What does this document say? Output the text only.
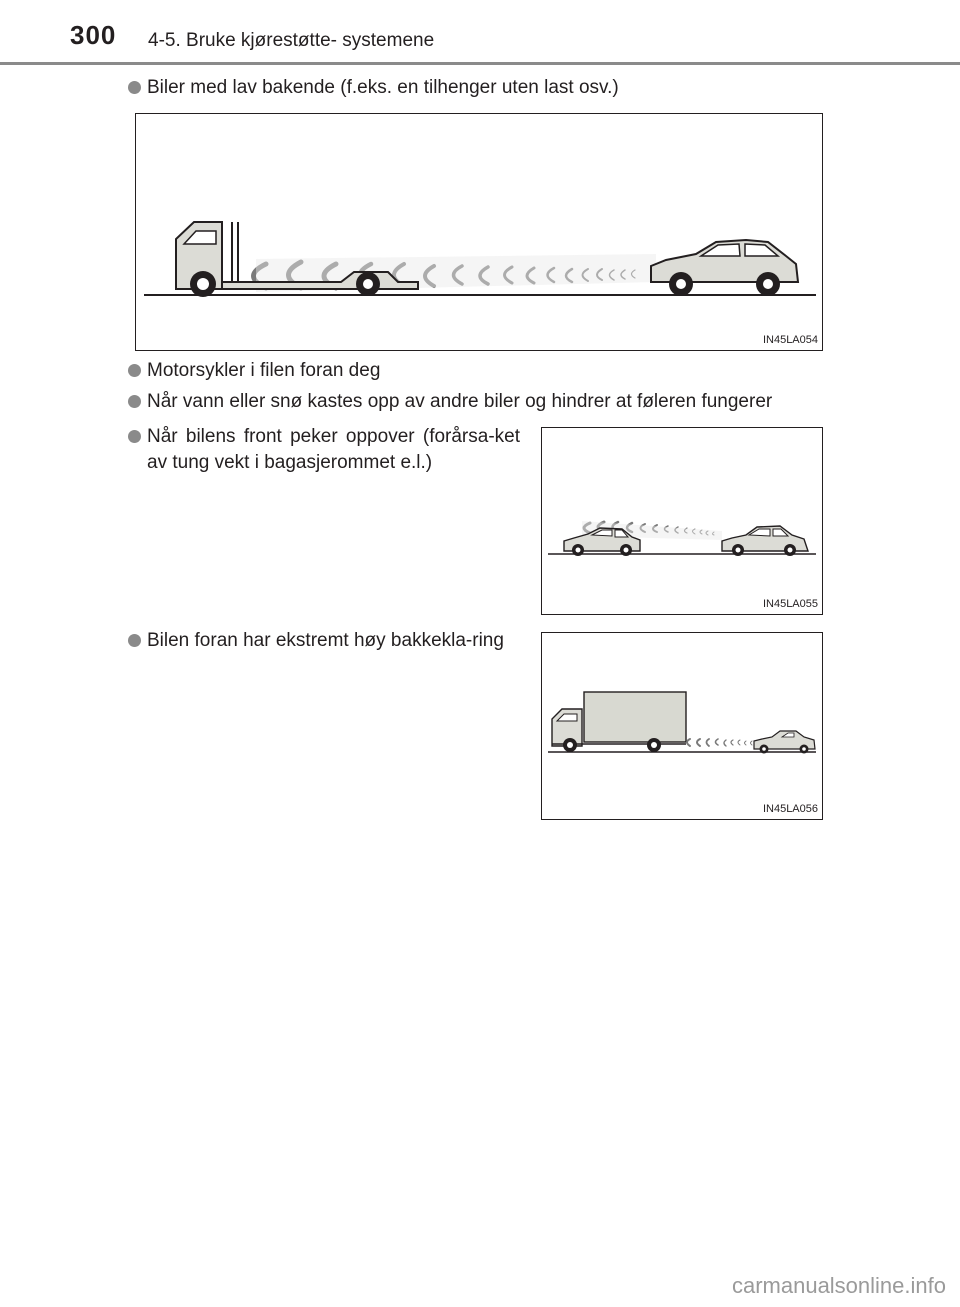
300 4-5. Bruke kjørestøtte- systemene
Biler med lav bakende (f.eks. en tilhenger uten last osv.)
IN45LA054
Motorsykler i filen foran deg
Når vann eller snø kastes opp av andre biler og hindrer at føleren fungerer
Når bilens front peker oppover (forårsa-ket av tung vekt i bagasjerommet e.l.)
IN45LA055
Bilen foran har ekstremt høy bakkekla-ring
IN45LA056
carmanualsonline.info
